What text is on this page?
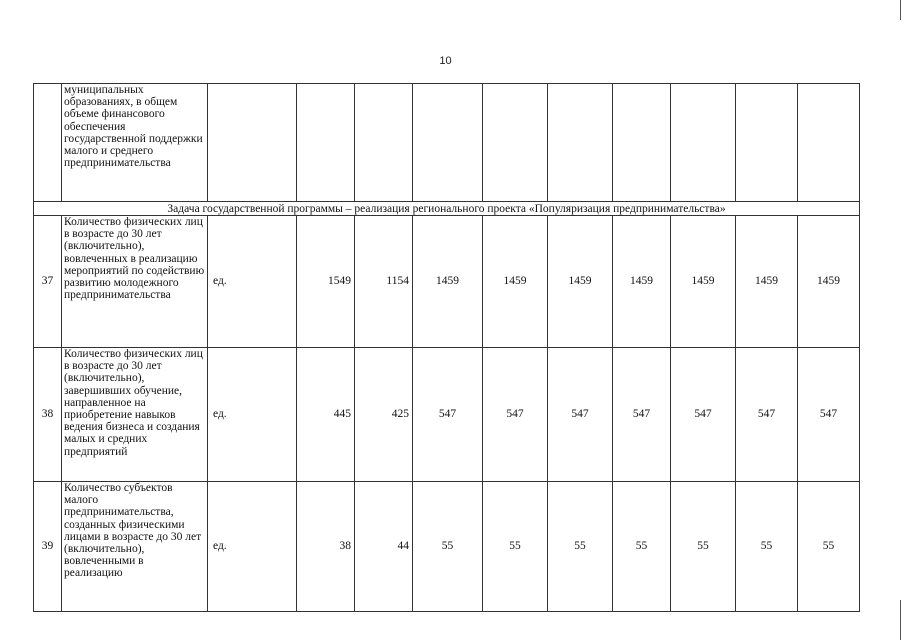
10
	муниципальных образованиях, в общем объеме финансового обеспечения государственной поддержки малого и среднего предпринимательства										
Задача государственной программы – реализация регионального проекта «Популяризация предпринимательства»											
37	Количество физических лиц в возрасте до 30 лет (включительно), вовлеченных в реализацию мероприятий по содействию развитию молодежного предпринимательства	ед.	1549	1154	1459	1459	1459	1459	1459	1459	1459
38	Количество физических лиц в возрасте до 30 лет (включительно), завершивших обучение, направленное на приобретение навыков ведения бизнеса и создания малых и средних предприятий	ед.	445	425	547	547	547	547	547	547	547
39	Количество субъектов малого предпринимательства, созданных физическими лицами в возрасте до 30 лет (включительно), вовлеченными в реализацию	ед.	38	44	55	55	55	55	55	55	55
